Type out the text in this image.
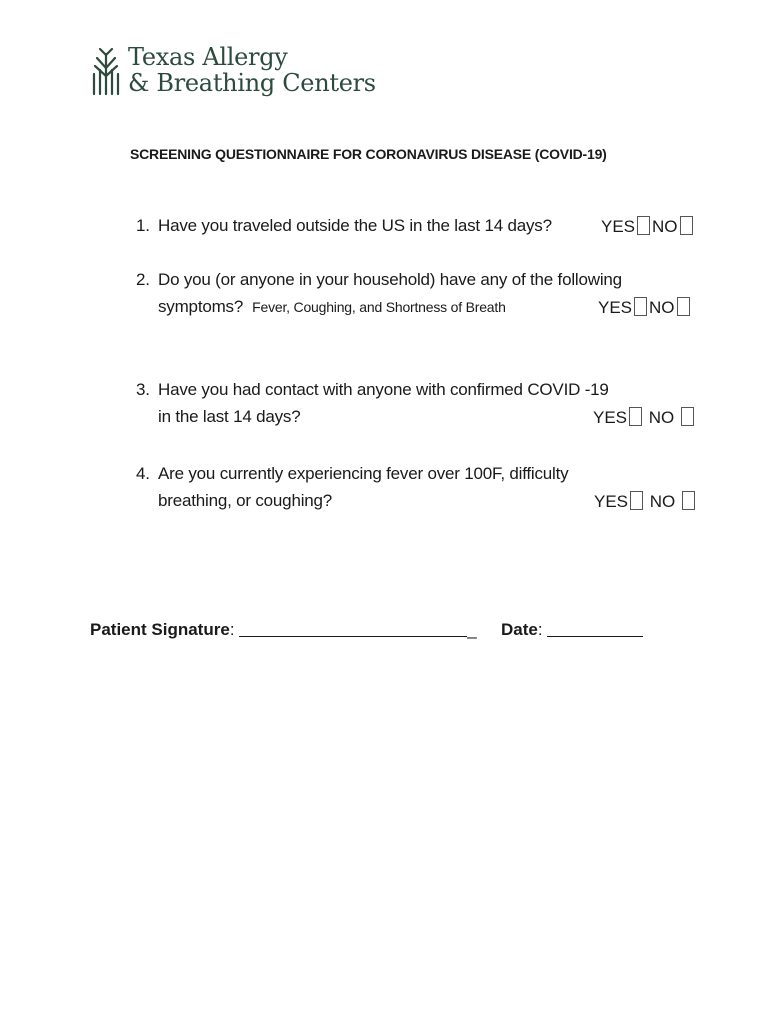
Texas Allergy
& Breathing Centers
SCREENING QUESTIONNAIRE FOR CORONAVIRUS DISEASE (COVID-19)
1. Have you traveled outside the US in the last 14 days?	YES NO
2. Do you (or anyone in your household) have any of the following
symptoms? Fever, Coughing, and Shortness of Breath	YES NO
3. Have you had contact with anyone with confirmed COVID -19
in the last 14 days?	YES NO
4. Are you currently experiencing fever over 100F, difficulty
breathing, or coughing?	YES NO
Patient Signature:	_ Date:
